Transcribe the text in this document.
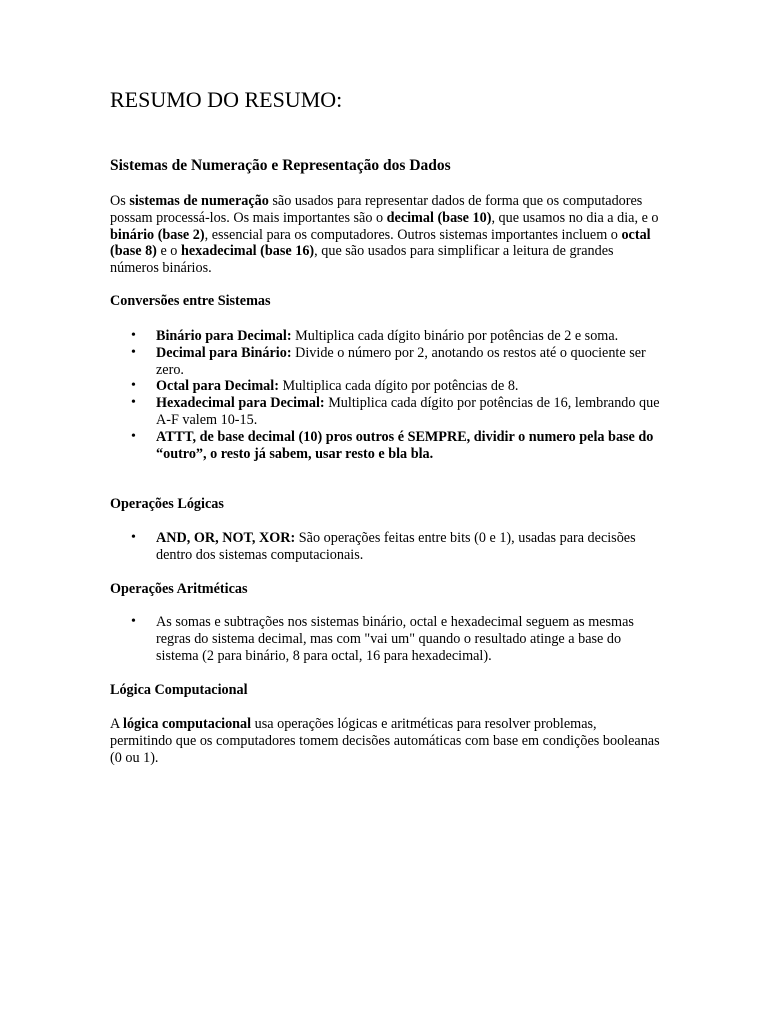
RESUMO DO RESUMO:
Sistemas de Numeração e Representação dos Dados

Os sistemas de numeração são usados para representar dados de forma que os computadores possam processá-los. Os mais importantes são o decimal (base 10), que usamos no dia a dia, e o binário (base 2), essencial para os computadores. Outros sistemas importantes incluem o octal (base 8) e o hexadecimal (base 16), que são usados para simplificar a leitura de grandes números binários.

Conversões entre Sistemas
• Binário para Decimal: Multiplica cada dígito binário por potências de 2 e soma.
• Decimal para Binário: Divide o número por 2, anotando os restos até o quociente ser zero.
• Octal para Decimal: Multiplica cada dígito por potências de 8.
• Hexadecimal para Decimal: Multiplica cada dígito por potências de 16, lembrando que A-F valem 10-15.
• ATTT, de base decimal (10) pros outros é SEMPRE, dividir o numero pela base do “outro”, o resto já sabem, usar resto e bla bla.
Operações Lógicas
• AND, OR, NOT, XOR: São operações feitas entre bits (0 e 1), usadas para decisões dentro dos sistemas computacionais.
Operações Aritméticas
• As somas e subtrações nos sistemas binário, octal e hexadecimal seguem as mesmas regras do sistema decimal, mas com "vai um" quando o resultado atinge a base do sistema (2 para binário, 8 para octal, 16 para hexadecimal).
Lógica Computacional

A lógica computacional usa operações lógicas e aritméticas para resolver problemas, permitindo que os computadores tomem decisões automáticas com base em condições booleanas (0 ou 1).
